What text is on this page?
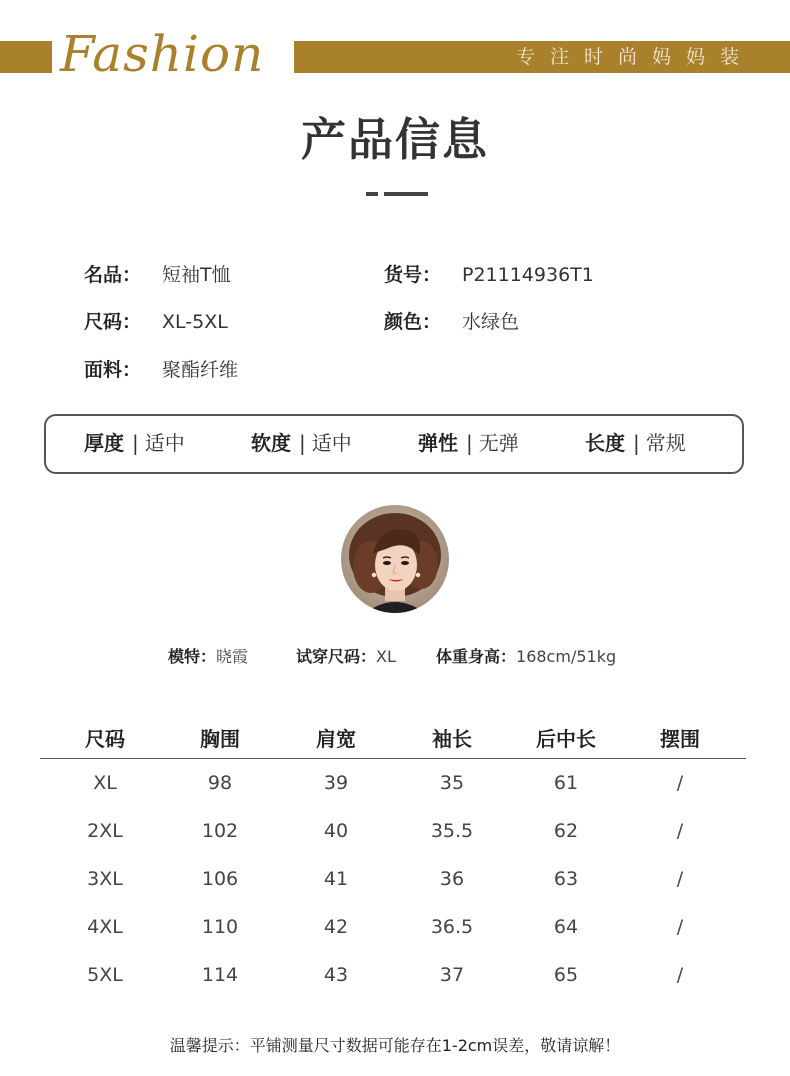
Fashion	专注时尚妈妈装
产品信息
名品： 短袖T恤	货号： P21114936T1
尺码： XL-5XL	颜色： 水绿色
面料： 聚酯纤维
厚度 | 适中	软度 | 适中	弹性 | 无弹	长度 | 常规
模特：晓霞	试穿尺码：XL	体重身高：168cm/51kg
尺码	胸围	肩宽	袖长	后中长	摆围
XL	98	39	35	61	/
2XL	102	40	35.5	62	/
3XL	106	41	36	63	/
4XL	110	42	36.5	64	/
5XL	114	43	37	65	/
温馨提示：平铺测量尺寸数据可能存在1-2cm误差，敬请谅解！
